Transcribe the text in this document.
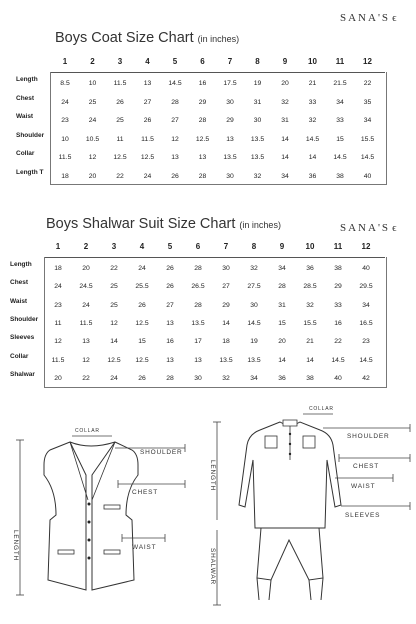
SANA'S ϵ
SANA'S ϵ
Boys Coat Size Chart (in inches)
1	2	3	4	5	6	7	8	9	10 11 12
Length
8.5	10	11.5	13	14.5	16	17.5	19	20	21	21.5	22
Chest
24	25	26	27	28	29	30	31	32	33	34	35
Waist
23	24	25	26	27	28	29	30	31	32	33	34
Shoulder
10	10.5	11	11.5	12	12.5	13	13.5	14	14.5	15	15.5
Collar
11.5	12	12.5 12.5	13	13	13.5 13.5	14	14	14.5 14.5
Length T
18	20	22	24	26	28	30	32	34	36	38	40
Boys Shalwar Suit Size Chart (in inches)
1	2	3	4	5	6	7	8	9	10 11 12
Length
18	20	22	24	26	28	30	32	34	36	38	40
Chest
24	24.5	25	25.5	26	26.5	27	27.5	28	28.5	29	29.5
Waist
23	24	25	26	27	28	29	30	31	32	33	34
Shoulder
11	11.5	12	12.5	13	13.5	14	14.5	15	15.5	16	16.5
Sleeves
12	13	14	15	16	17	18	19	20	21	22	23
Collar
11.5	12	12.5 12.5	13	13	13.5 13.5	14	14	14.5 14.5
Shalwar
20	22	24	26	28	30	32	34	36	38	40	42
LENGTH
COLLAR
SHOULDER
CHEST
WAIST
LENGTH
SHALWAR
COLLAR
SHOULDER
CHEST
WAIST
SLEEVES
